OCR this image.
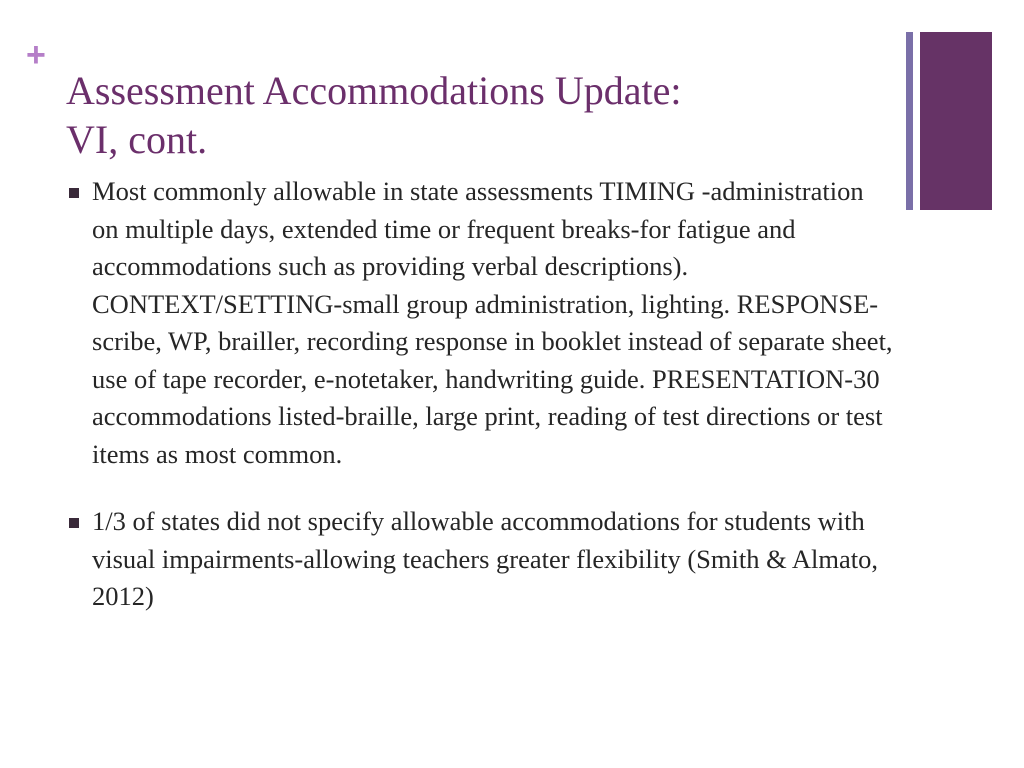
+
Assessment Accommodations Update:
VI, cont.
Most commonly allowable in state assessments TIMING -administration on multiple days, extended time or frequent breaks-for fatigue and accommodations such as providing verbal descriptions). CONTEXT/SETTING-small group administration, lighting. RESPONSE-scribe, WP, brailler, recording response in booklet instead of separate sheet, use of tape recorder, e-notetaker, handwriting guide. PRESENTATION-30 accommodations listed-braille, large print, reading of test directions or test items as most common.
1/3 of states did not specify allowable accommodations for students with visual impairments-allowing teachers greater flexibility (Smith & Almato, 2012)
